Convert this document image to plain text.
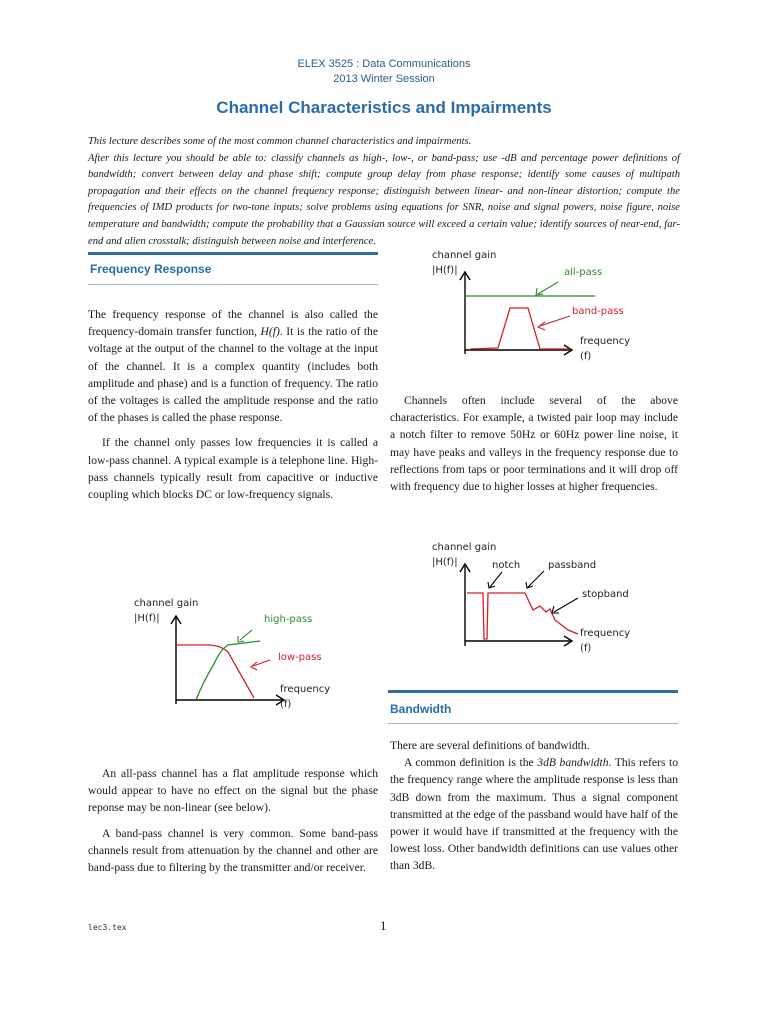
ELEX 3525 : Data Communications
2013 Winter Session
Channel Characteristics and Impairments

This lecture describes some of the most common channel characteristics and impairments.

After this lecture you should be able to: classify channels as high-, low-, or band-pass; use -dB and percentage power definitions of bandwidth; convert between delay and phase shift; compute group delay from phase response; identify some causes of multipath propagation and their effects on the channel frequency response; distinguish between linear- and non-linear distortion; compute the frequencies of IMD products for two-tone inputs; solve problems using equations for SNR, noise and signal powers, noise figure, noise temperature and bandwidth; compute the probability that a Gaussian source will exceed a certain value; identify sources of near-end, far-end and alien crosstalk; distinguish between noise and interference.

Frequency Response

The frequency response of the channel is also called the frequency-domain transfer function, H(f). It is the ratio of the voltage at the output of the channel to the voltage at the input of the channel. It is a complex quantity (includes both amplitude and phase) and is a function of frequency. The ratio of the voltages is called the amplitude response and the ratio of the phases is called the phase response.

If the channel only passes low frequencies it is called a low-pass channel. A typical example is a telephone line. High-pass channels typically result from capacitive or inductive coupling which blocks DC or low-frequency signals.

channel gain
|H(f)|	high-pass
low-pass
frequency
(f)

An all-pass channel has a flat amplitude response which would appear to have no effect on the signal but the phase reponse may be non-linear (see below).

A band-pass channel is very common. Some band-pass channels result from attenuation by the channel and other are band-pass due to filtering by the transmitter and/or receiver.

channel gain
|H(f)|	all-pass
band-pass
frequency
(f)

Channels often include several of the above characteristics. For example, a twisted pair loop may include a notch filter to remove 50Hz or 60Hz power line noise, it may have peaks and valleys in the frequency response due to reflections from taps or poor terminations and it will drop off with frequency due to higher losses at higher frequencies.

channel gain
|H(f)|	notch	passband
stopband
frequency
(f)
Bandwidth

There are several definitions of bandwidth.

A common definition is the 3dB bandwidth. This refers to the frequency range where the amplitude response is less than 3dB down from the maximum. Thus a signal component transmitted at the edge of the passband would have half of the power it would have if transmitted at the frequency with the lowest loss. Other bandwidth definitions can use values other than 3dB.

lec3.tex	1
